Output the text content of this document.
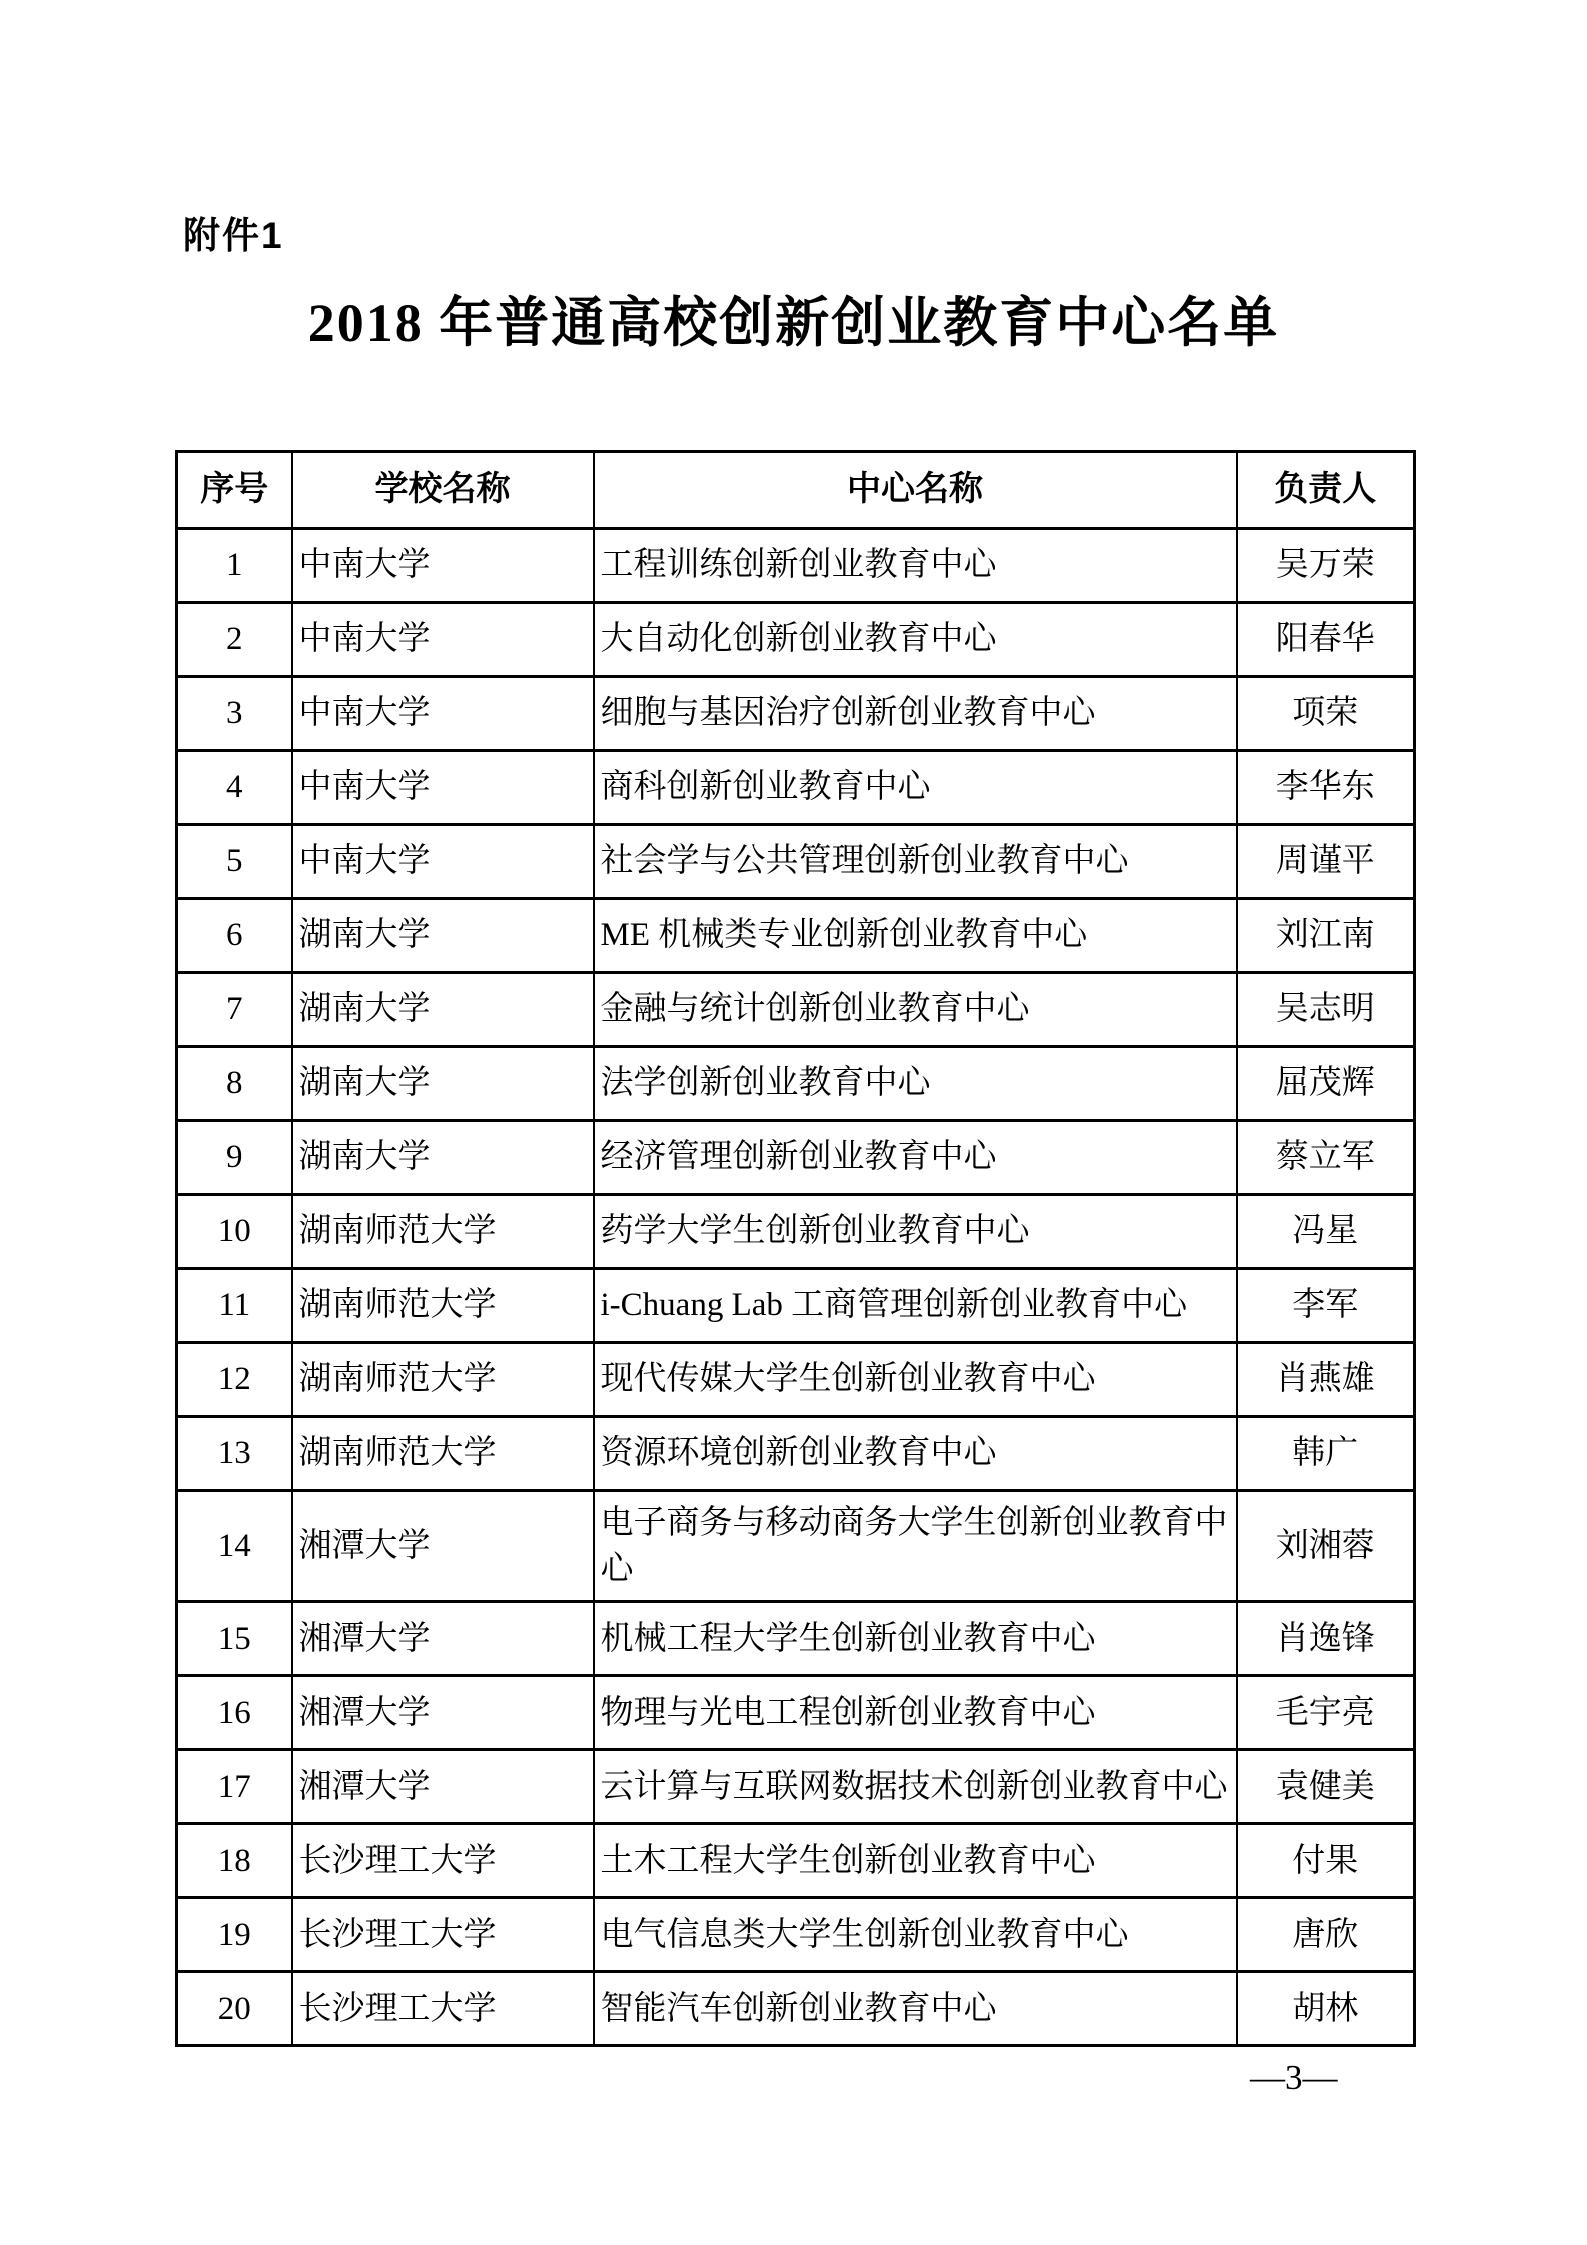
附件1
2018 年普通高校创新创业教育中心名单
序号	学校名称	中心名称	负责人
1	中南大学	工程训练创新创业教育中心	吴万荣
2	中南大学	大自动化创新创业教育中心	阳春华
3	中南大学	细胞与基因治疗创新创业教育中心	项荣
4	中南大学	商科创新创业教育中心	李华东
5	中南大学	社会学与公共管理创新创业教育中心	周谨平
6	湖南大学	ME 机械类专业创新创业教育中心	刘江南
7	湖南大学	金融与统计创新创业教育中心	吴志明
8	湖南大学	法学创新创业教育中心	屈茂辉
9	湖南大学	经济管理创新创业教育中心	蔡立军
10	湖南师范大学	药学大学生创新创业教育中心	冯星
11	湖南师范大学	i-Chuang Lab 工商管理创新创业教育中心	李军
12	湖南师范大学	现代传媒大学生创新创业教育中心	肖燕雄
13	湖南师范大学	资源环境创新创业教育中心	韩广
14	湘潭大学	电子商务与移动商务大学生创新创业教育中心	刘湘蓉
15	湘潭大学	机械工程大学生创新创业教育中心	肖逸锋
16	湘潭大学	物理与光电工程创新创业教育中心	毛宇亮
17	湘潭大学	云计算与互联网数据技术创新创业教育中心	袁健美
18	长沙理工大学	土木工程大学生创新创业教育中心	付果
19	长沙理工大学	电气信息类大学生创新创业教育中心	唐欣
20	长沙理工大学	智能汽车创新创业教育中心	胡林
—3—
